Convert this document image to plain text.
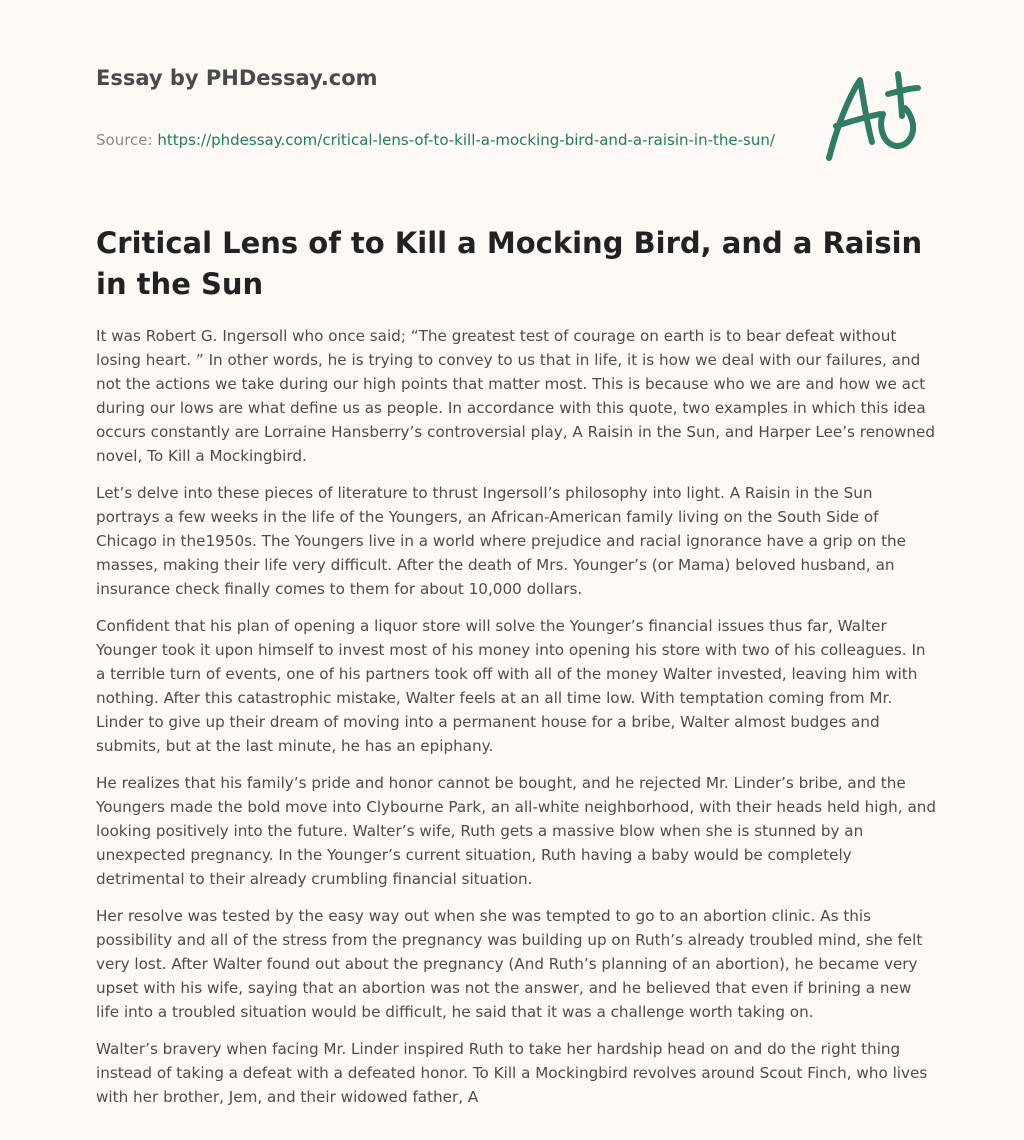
Essay by PHDessay.com
Source: https://phdessay.com/critical-lens-of-to-kill-a-mocking-bird-and-a-raisin-in-the-sun/
Critical Lens of to Kill a Mocking Bird, and a Raisin in the Sun

It was Robert G. Ingersoll who once said; “The greatest test of courage on earth is to bear defeat without losing heart. ” In other words, he is trying to convey to us that in life, it is how we deal with our failures, and not the actions we take during our high points that matter most. This is because who we are and how we act during our lows are what define us as people. In accordance with this quote, two examples in which this idea occurs constantly are Lorraine Hansberry’s controversial play, A Raisin in the Sun, and Harper Lee’s renowned novel, To Kill a Mockingbird.

Let’s delve into these pieces of literature to thrust Ingersoll’s philosophy into light. A Raisin in the Sun portrays a few weeks in the life of the Youngers, an African-American family living on the South Side of Chicago in the1950s. The Youngers live in a world where prejudice and racial ignorance have a grip on the masses, making their life very difficult. After the death of Mrs. Younger’s (or Mama) beloved husband, an insurance check finally comes to them for about 10,000 dollars.

Confident that his plan of opening a liquor store will solve the Younger’s financial issues thus far, Walter Younger took it upon himself to invest most of his money into opening his store with two of his colleagues. In a terrible turn of events, one of his partners took off with all of the money Walter invested, leaving him with nothing. After this catastrophic mistake, Walter feels at an all time low. With temptation coming from Mr. Linder to give up their dream of moving into a permanent house for a bribe, Walter almost budges and submits, but at the last minute, he has an epiphany.

He realizes that his family’s pride and honor cannot be bought, and he rejected Mr. Linder’s bribe, and the Youngers made the bold move into Clybourne Park, an all-white neighborhood, with their heads held high, and looking positively into the future. Walter’s wife, Ruth gets a massive blow when she is stunned by an unexpected pregnancy. In the Younger’s current situation, Ruth having a baby would be completely detrimental to their already crumbling financial situation.

Her resolve was tested by the easy way out when she was tempted to go to an abortion clinic. As this possibility and all of the stress from the pregnancy was building up on Ruth’s already troubled mind, she felt very lost. After Walter found out about the pregnancy (And Ruth’s planning of an abortion), he became very upset with his wife, saying that an abortion was not the answer, and he believed that even if brining a new life into a troubled situation would be difficult, he said that it was a challenge worth taking on.

Walter’s bravery when facing Mr. Linder inspired Ruth to take her hardship head on and do the right thing instead of taking a defeat with a defeated honor. To Kill a Mockingbird revolves around Scout Finch, who lives with her brother, Jem, and their widowed father, A
